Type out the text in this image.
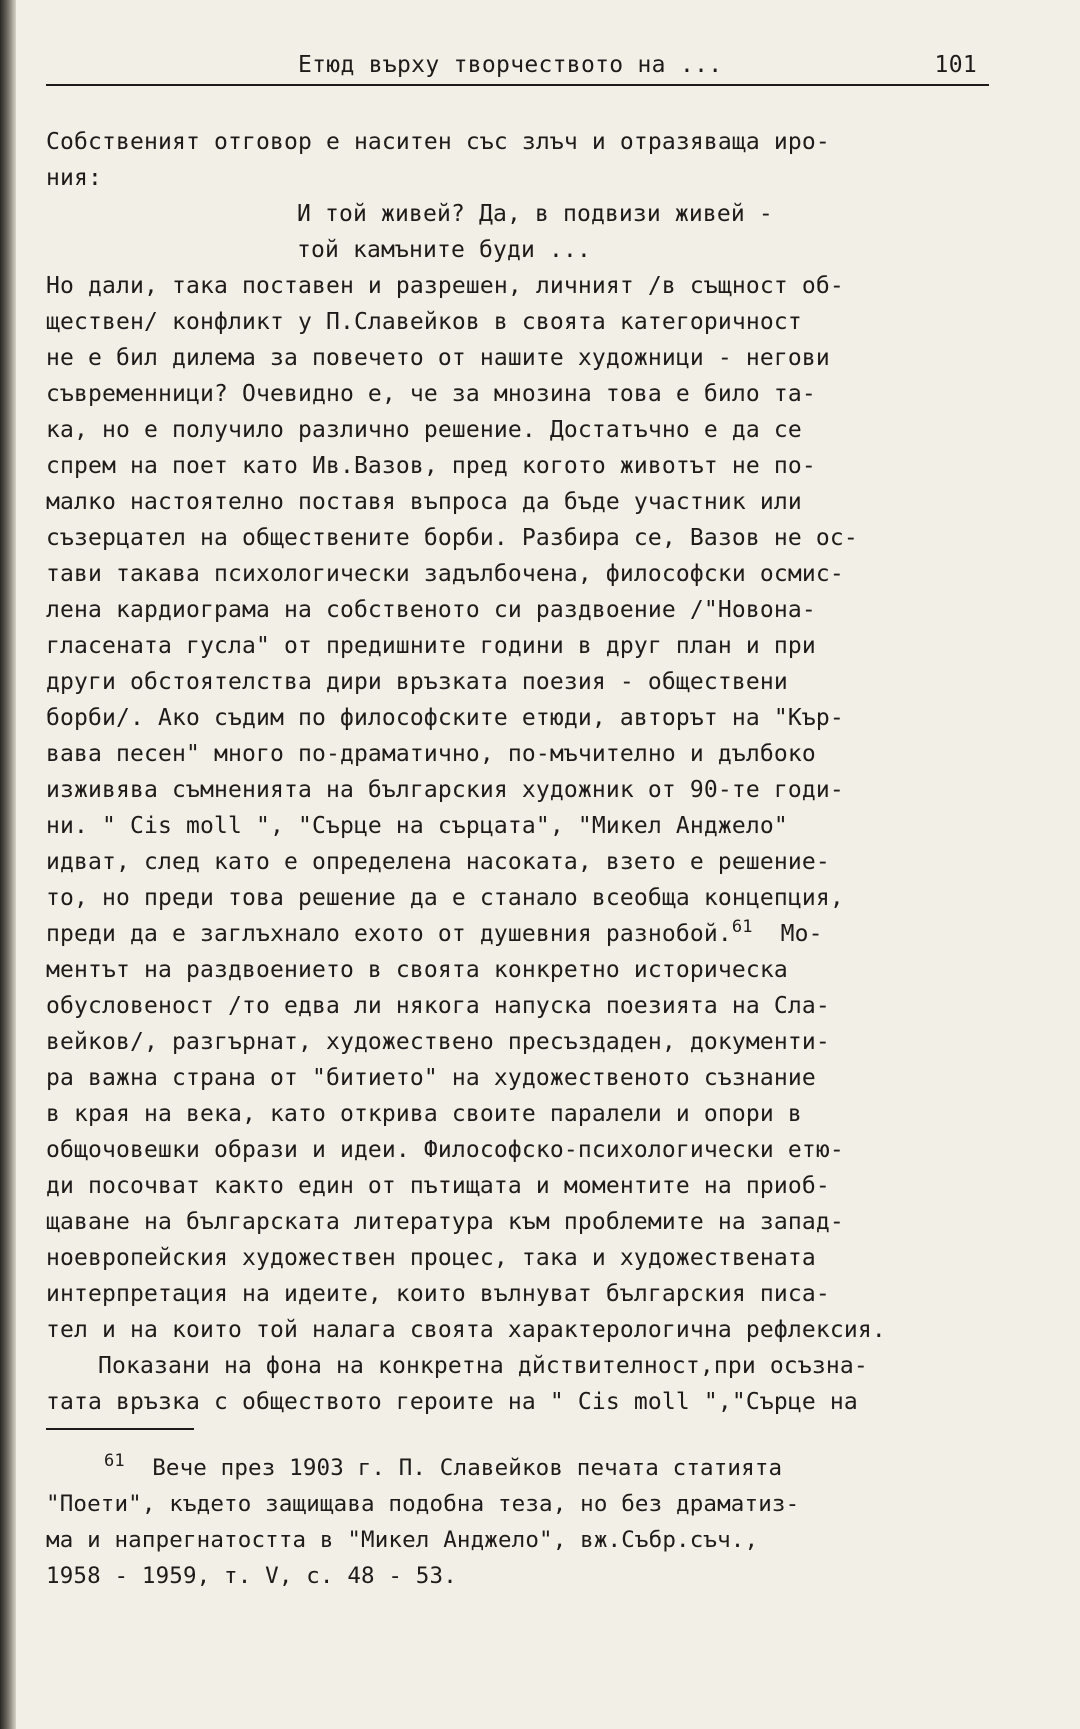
Етюд върху творчеството на ...	101
Собственият отговор е наситен със злъч и отразяваща иро-
ния:
И той живей? Да, в подвизи живей -
той камъните буди ...
Но дали, така поставен и разрешен, личният /в същност об-
ществен/ конфликт у П.Славейков в своята категоричност
не е бил дилема за повечето от нашите художници - негови
съвременници? Очевидно е, че за мнозина това е било та-
ка, но е получило различно решение. Достатъчно е да се
спрем на поет като Ив.Вазов, пред когото животът не по-
малко настоятелно поставя въпроса да бъде участник или
съзерцател на обществените борби. Разбира се, Вазов не ос-
тави такава психологически задълбочена, философски осмис-
лена кардиограма на собственото си раздвоение /"Новона-
гласената гусла" от предишните години в друг план и при
други обстоятелства дири връзката поезия - обществени
борби/. Ако съдим по философските етюди, авторът на "Кър-
вава песен" много по-драматично, по-мъчително и дълбоко
изживява съмненията на българския художник от 90-те годи-
ни. " Cis moll ", "Сърце на сърцата", "Микел Анджело"
идват, след като е определена насоката, взето е решение-
то, но преди това решение да е станало всеобща концепция,
преди да е заглъхнало ехото от душевния разнобой.$^{61}$ Мо-
ментът на раздвоението в своята конкретно историческа
обусловеност /то едва ли някога напуска поезията на Сла-
вейков/, разгърнат, художествено пресъздаден, документи-
ра важна страна от "битието" на художественото съзнание
в края на века, като открива своите паралели и опори в
общочовешки образи и идеи. Философско-психологически етю-
ди посочват както един от пътищата и моментите на приоб-
щаване на българската литература към проблемите на запад-
ноевропейския художествен процес, така и художествената
интерпретация на идеите, които вълнуват българския писа-
тел и на които той налага своята характерологична рефлексия.
Показани на фона на конкретна дйствителност,при осъзна-
тата връзка с обществото героите на " Cis moll ","Сърце на
$^{61}$ Вече през 1903 г. П. Славейков печата статията
"Поети", където защищава подобна теза, но без драматиз-
ма и напрегнатостта в "Микел Анджело", вж.Събр.съч.,
1958 - 1959, т. V, с. 48 - 53.
